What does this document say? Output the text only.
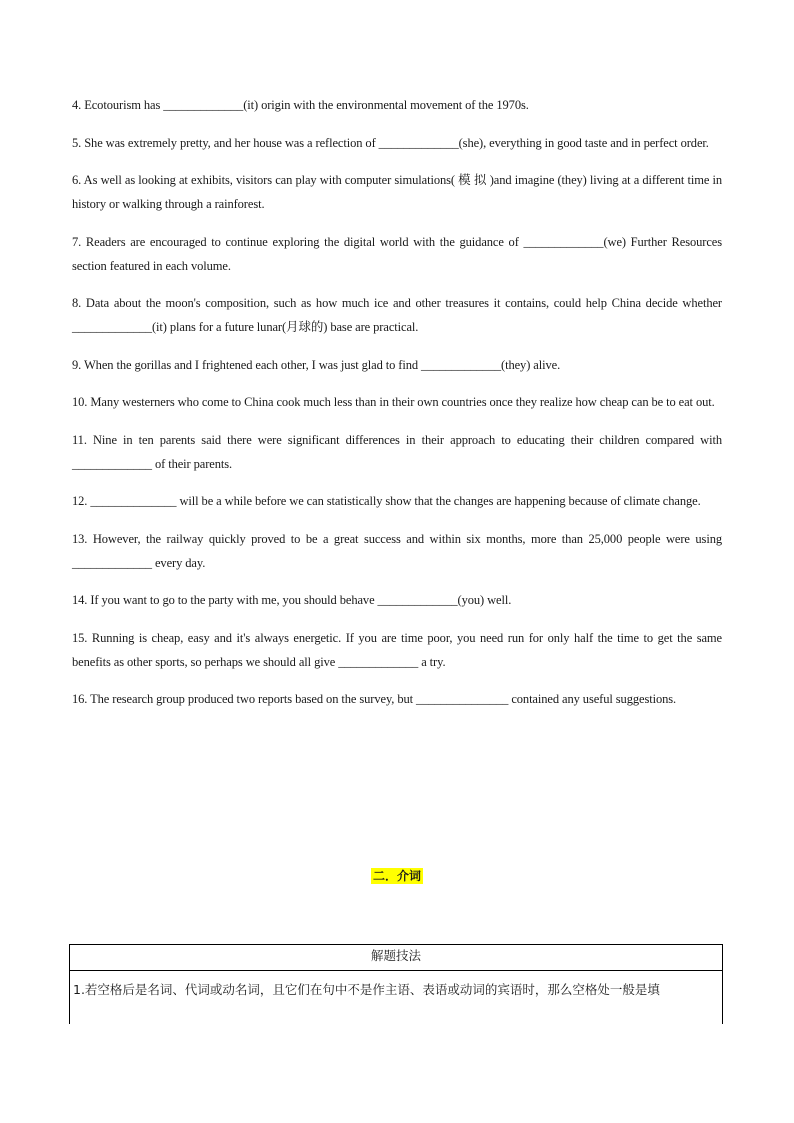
4. Ecotourism has _____________(it) origin with the environmental movement of the 1970s.

5. She was extremely pretty, and her house was a reflection of _____________(she), everything in good taste and in perfect order.

6. As well as looking at exhibits, visitors can play with computer simulations( 模 拟 )and imagine (they) living at a different time in history or walking through a rainforest.

7. Readers are encouraged to continue exploring the digital world with the guidance of _____________(we) Further Resources section featured in each volume.

8. Data about the moon's composition, such as how much ice and other treasures it contains, could help China decide whether _____________(it) plans for a future lunar(月球的) base are practical.

9. When the gorillas and I frightened each other, I was just glad to find _____________(they) alive.

10. Many westerners who come to China cook much less than in their own countries once they realize how cheap can be to eat out.

11. Nine in ten parents said there were significant differences in their approach to educating their children compared with _____________ of their parents.

12. ______________ will be a while before we can statistically show that the changes are happening because of climate change.

13. However, the railway quickly proved to be a great success and within six months, more than 25,000 people were using _____________ every day.

14. If you want to go to the party with me, you should behave _____________(you) well.

15. Running is cheap, easy and it's always energetic. If you are time poor, you need run for only half the time to get the same benefits as other sports, so perhaps we should all give _____________ a try.

16. The research group produced two reports based on the survey, but _______________ contained any useful suggestions.

二．介词
解题技法
1.若空格后是名词、代词或动名词，且它们在句中不是作主语、表语或动词的宾语时，那么空格处一般是填
